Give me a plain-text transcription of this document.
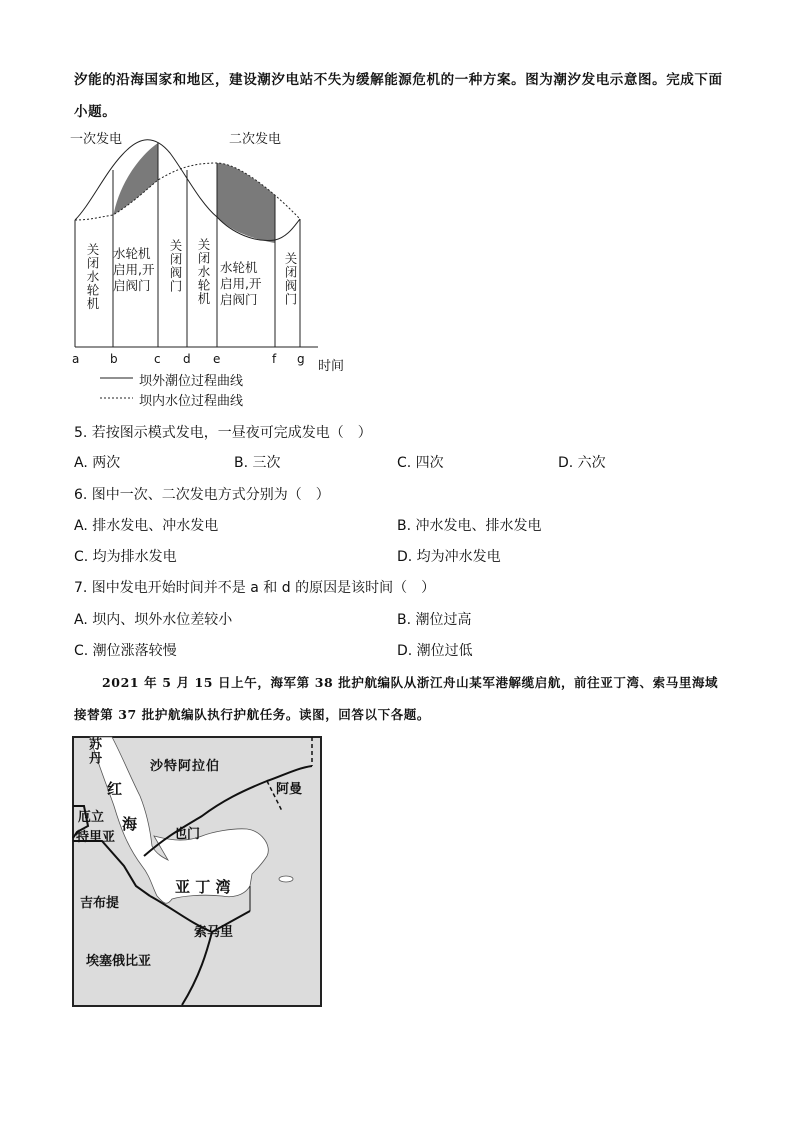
汐能的沿海国家和地区，建设潮汐电站不失为缓解能源危机的一种方案。图为潮汐发电示意图。完成下面
小题。
一次发电	二次发电
关闭水轮机 水轮机
启用,开
启阀门	关闭阀门 关闭水轮机 水轮机
启用,开
启阀门	关闭阀门
a	b	c d e	f g 时间
坝外潮位过程曲线
坝内水位过程曲线
5. 若按图示模式发电，一昼夜可完成发电（　）
A. 两次	B. 三次	C. 四次	D. 六次
6. 图中一次、二次发电方式分别为（　）
A. 排水发电、冲水发电	B. 冲水发电、排水发电
C. 均为排水发电	D. 均为冲水发电
7. 图中发电开始时间并不是 a 和 d 的原因是该时间（　）
A. 坝内、坝外水位差较小	B. 潮位过高
C. 潮位涨落较慢	D. 潮位过低
2021 年 5 月 15 日上午，海军第 38 批护航编队从浙江舟山某军港解缆启航，前往亚丁湾、索马里海域
接替第 37 批护航编队执行护航任务。读图，回答以下各题。
苏丹
沙特阿拉伯
红
海
阿曼
厄立
特里亚	也门
亚 丁 湾
吉布提
索马里
埃塞俄比亚
